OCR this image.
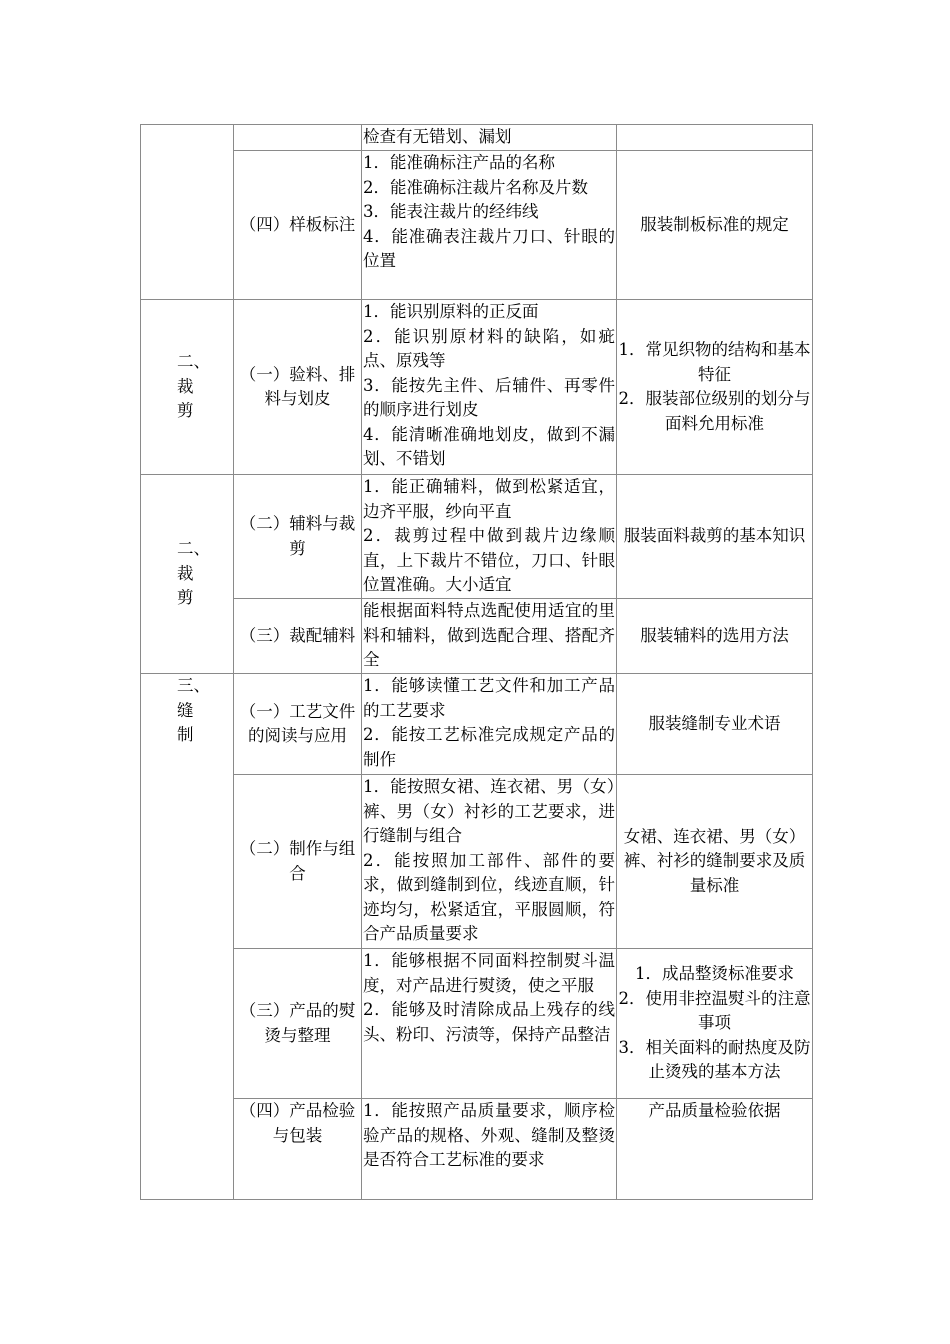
		检查有无错划、漏划	

	（四）样板标注	1．能准确标注产品的名称
2．能准确标注裁片名称及片数
3．能表注裁片的经纬线
4．能准确表注裁片刀口、针眼的位置	服装制板标准的规定

二、
裁
剪	（一）验料、排料与划皮	1．能识别原料的正反面
2．能识别原材料的缺陷，如疵点、原残等
3．能按先主件、后辅件、再零件的顺序进行划皮
4．能清晰准确地划皮，做到不漏划、不错划	1．常见织物的结构和基本特征
2．服装部位级别的划分与面料允用标准

二、
裁
剪	（二）辅料与裁剪	1．能正确辅料，做到松紧适宜，边齐平服，纱向平直
2．裁剪过程中做到裁片边缘顺直，上下裁片不错位，刀口、针眼位置准确。大小适宜	服装面料裁剪的基本知识

	（三）裁配辅料	能根据面料特点选配使用适宜的里料和辅料，做到选配合理、搭配齐全	服装辅料的选用方法

三、
缝
制	（一）工艺文件的阅读与应用	1．能够读懂工艺文件和加工产品的工艺要求
2．能按工艺标准完成规定产品的制作	服装缝制专业术语

	（二）制作与组合	1．能按照女裙、连衣裙、男（女）裤、男（女）衬衫的工艺要求，进行缝制与组合
2．能按照加工部件、部件的要求，做到缝制到位，线迹直顺，针迹均匀，松紧适宜，平服圆顺，符合产品质量要求	女裙、连衣裙、男（女）裤、衬衫的缝制要求及质量标准

	（三）产品的熨烫与整理	1．能够根据不同面料控制熨斗温度，对产品进行熨烫，使之平服
2．能够及时清除成品上残存的线头、粉印、污渍等，保持产品整洁	1．成品整烫标准要求
2．使用非控温熨斗的注意事项
3．相关面料的耐热度及防止烫残的基本方法

	（四）产品检验与包装	1．能按照产品质量要求，顺序检验产品的规格、外观、缝制及整烫是否符合工艺标准的要求	产品质量检验依据
